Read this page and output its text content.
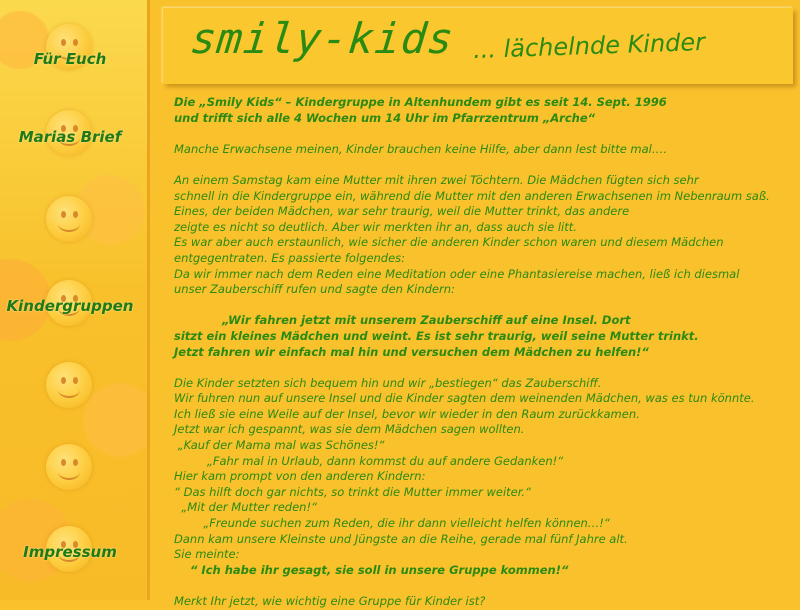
Für Euch
Marias Brief
Kindergruppen
Impressum
smily-kids ... lächelnde Kinder

Die „Smily Kids“ – Kindergruppe in Altenhundem gibt es seit 14. Sept. 1996

und trifft sich alle 4 Wochen um 14 Uhr im Pfarrzentrum „Arche“

Manche Erwachsene meinen, Kinder brauchen keine Hilfe, aber dann lest bitte mal….

An einem Samstag kam eine Mutter mit ihren zwei Töchtern. Die Mädchen fügten sich sehr

schnell in die Kindergruppe ein, während die Mutter mit den anderen Erwachsenen im Nebenraum saß.

Eines, der beiden Mädchen, war sehr traurig, weil die Mutter trinkt, das andere

zeigte es nicht so deutlich. Aber wir merkten ihr an, dass auch sie litt.

Es war aber auch erstaunlich, wie sicher die anderen Kinder schon waren und diesem Mädchen

entgegentraten. Es passierte folgendes:

Da wir immer nach dem Reden eine Meditation oder eine Phantasiereise machen, ließ ich diesmal

unser Zauberschiff rufen und sagte den Kindern:

„Wir fahren jetzt mit unserem Zauberschiff auf eine Insel. Dort

sitzt ein kleines Mädchen und weint. Es ist sehr traurig, weil seine Mutter trinkt.

Jetzt fahren wir einfach mal hin und versuchen dem Mädchen zu helfen!“

Die Kinder setzten sich bequem hin und wir „bestiegen“ das Zauberschiff.

Wir fuhren nun auf unsere Insel und die Kinder sagten dem weinenden Mädchen, was es tun könnte.

Ich ließ sie eine Weile auf der Insel, bevor wir wieder in den Raum zurückkamen.

Jetzt war ich gespannt, was sie dem Mädchen sagen wollten.

„Kauf der Mama mal was Schönes!“

„Fahr mal in Urlaub, dann kommst du auf andere Gedanken!“

Hier kam prompt von den anderen Kindern:

“ Das hilft doch gar nichts, so trinkt die Mutter immer weiter.“

„Mit der Mutter reden!“

„Freunde suchen zum Reden, die ihr dann vielleicht helfen können…!“

Dann kam unsere Kleinste und Jüngste an die Reihe, gerade mal fünf Jahre alt.

Sie meinte:

“ Ich habe ihr gesagt, sie soll in unsere Gruppe kommen!“

Merkt Ihr jetzt, wie wichtig eine Gruppe für Kinder ist?
